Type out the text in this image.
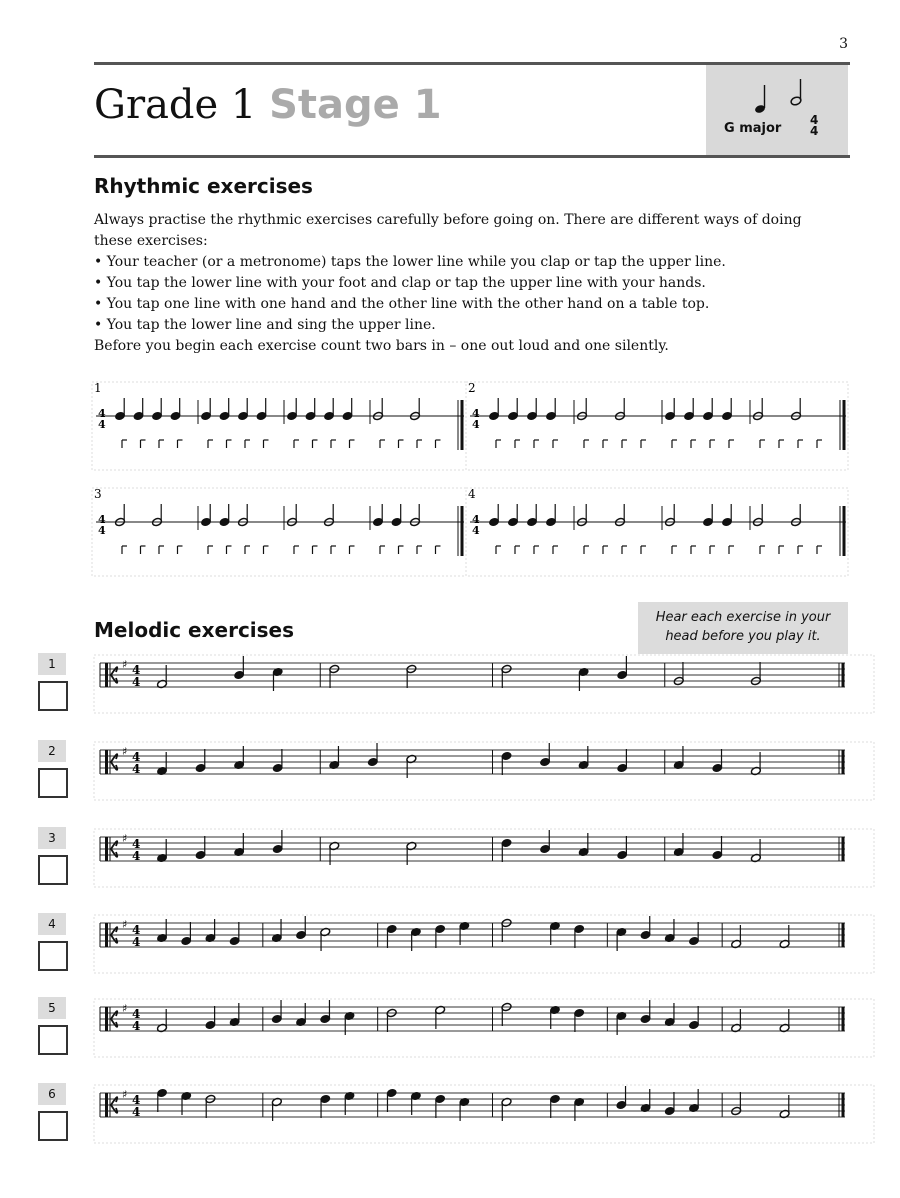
3
Grade 1 Stage 1
G major
4
4
Rhythmic exercises

Always practise the rhythmic exercises carefully before going on. There are different ways of doing these exercises:

• Your teacher (or a metronome) taps the lower line while you clap or tap the upper line.

• You tap the lower line with your foot and clap or tap the upper line with your hands.

• You tap one line with one hand and the other line with the other hand on a table top.

• You tap the lower line and sing the upper line.

Before you begin each exercise count two bars in – one out loud and one silently.

1
4
4
2
4
4
3
4
4
4
4
4
Melodic exercises
Hear each exercise in your head before you play it.
1
2
3
4
5
6
♯ 4
4
♯ 4
4
♯ 4
4
♯ 4
4
♯ 4
4
♯ 4
4
